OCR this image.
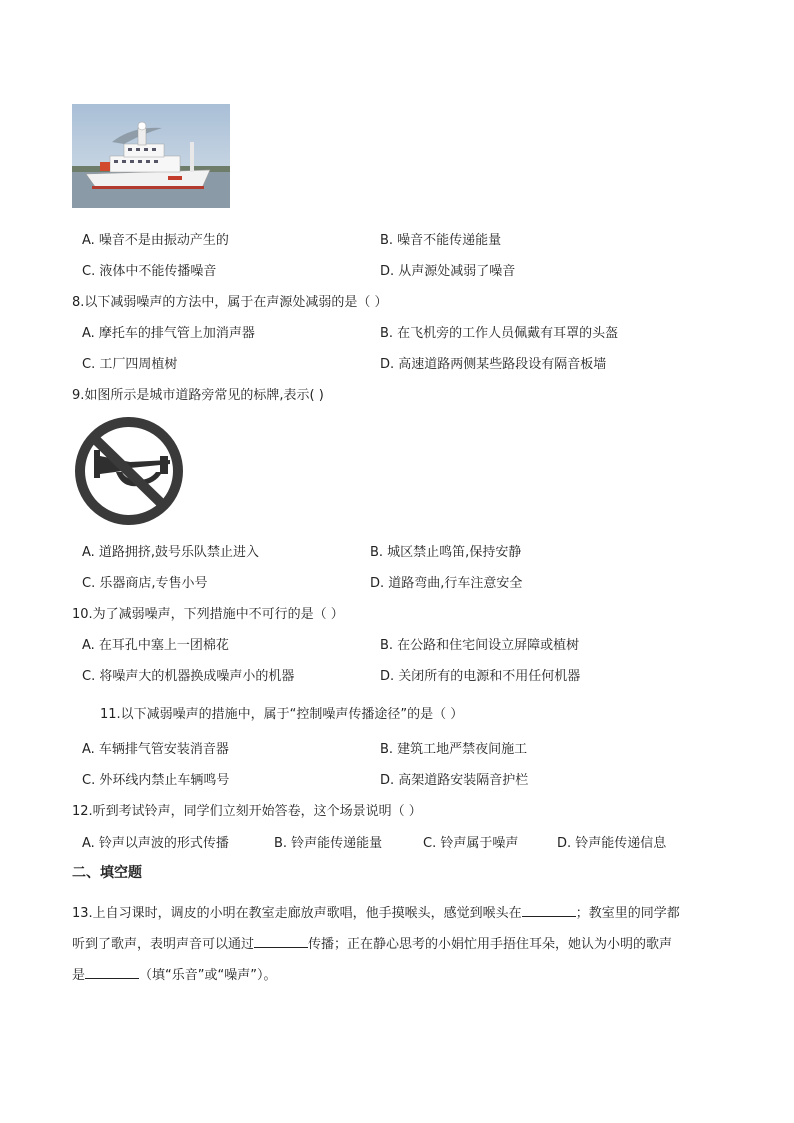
A. 噪音不是由振动产生的	B. 噪音不能传递能量
C. 液体中不能传播噪音	D. 从声源处减弱了噪音
8.以下减弱噪声的方法中，属于在声源处减弱的是（ ）
A. 摩托车的排气管上加消声器	B. 在飞机旁的工作人员佩戴有耳罩的头盔
C. 工厂四周植树	D. 高速道路两侧某些路段设有隔音板墙
9.如图所示是城市道路旁常见的标牌,表示( )
A. 道路拥挤,鼓号乐队禁止进入	B. 城区禁止鸣笛,保持安静
C. 乐器商店,专售小号	D. 道路弯曲,行车注意安全
10.为了减弱噪声，下列措施中不可行的是（ ）
A. 在耳孔中塞上一团棉花	B. 在公路和住宅间设立屏障或植树
C. 将噪声大的机器换成噪声小的机器	D. 关闭所有的电源和不用任何机器
11.以下减弱噪声的措施中，属于“控制噪声传播途径”的是（ ）
A. 车辆排气管安装消音器	B. 建筑工地严禁夜间施工
C. 外环线内禁止车辆鸣号	D. 高架道路安装隔音护栏
12.听到考试铃声，同学们立刻开始答卷，这个场景说明（ ）
A. 铃声以声波的形式传播	B. 铃声能传递能量	C. 铃声属于噪声	D. 铃声能传递信息
二、填空题
13.上自习课时，调皮的小明在教室走廊放声歌唱，他手摸喉头，感觉到喉头在	；教室里的同学都
听到了歌声，表明声音可以通过	传播；正在静心思考的小娟忙用手捂住耳朵，她认为小明的歌声
是	（填“乐音”或“噪声”）。
